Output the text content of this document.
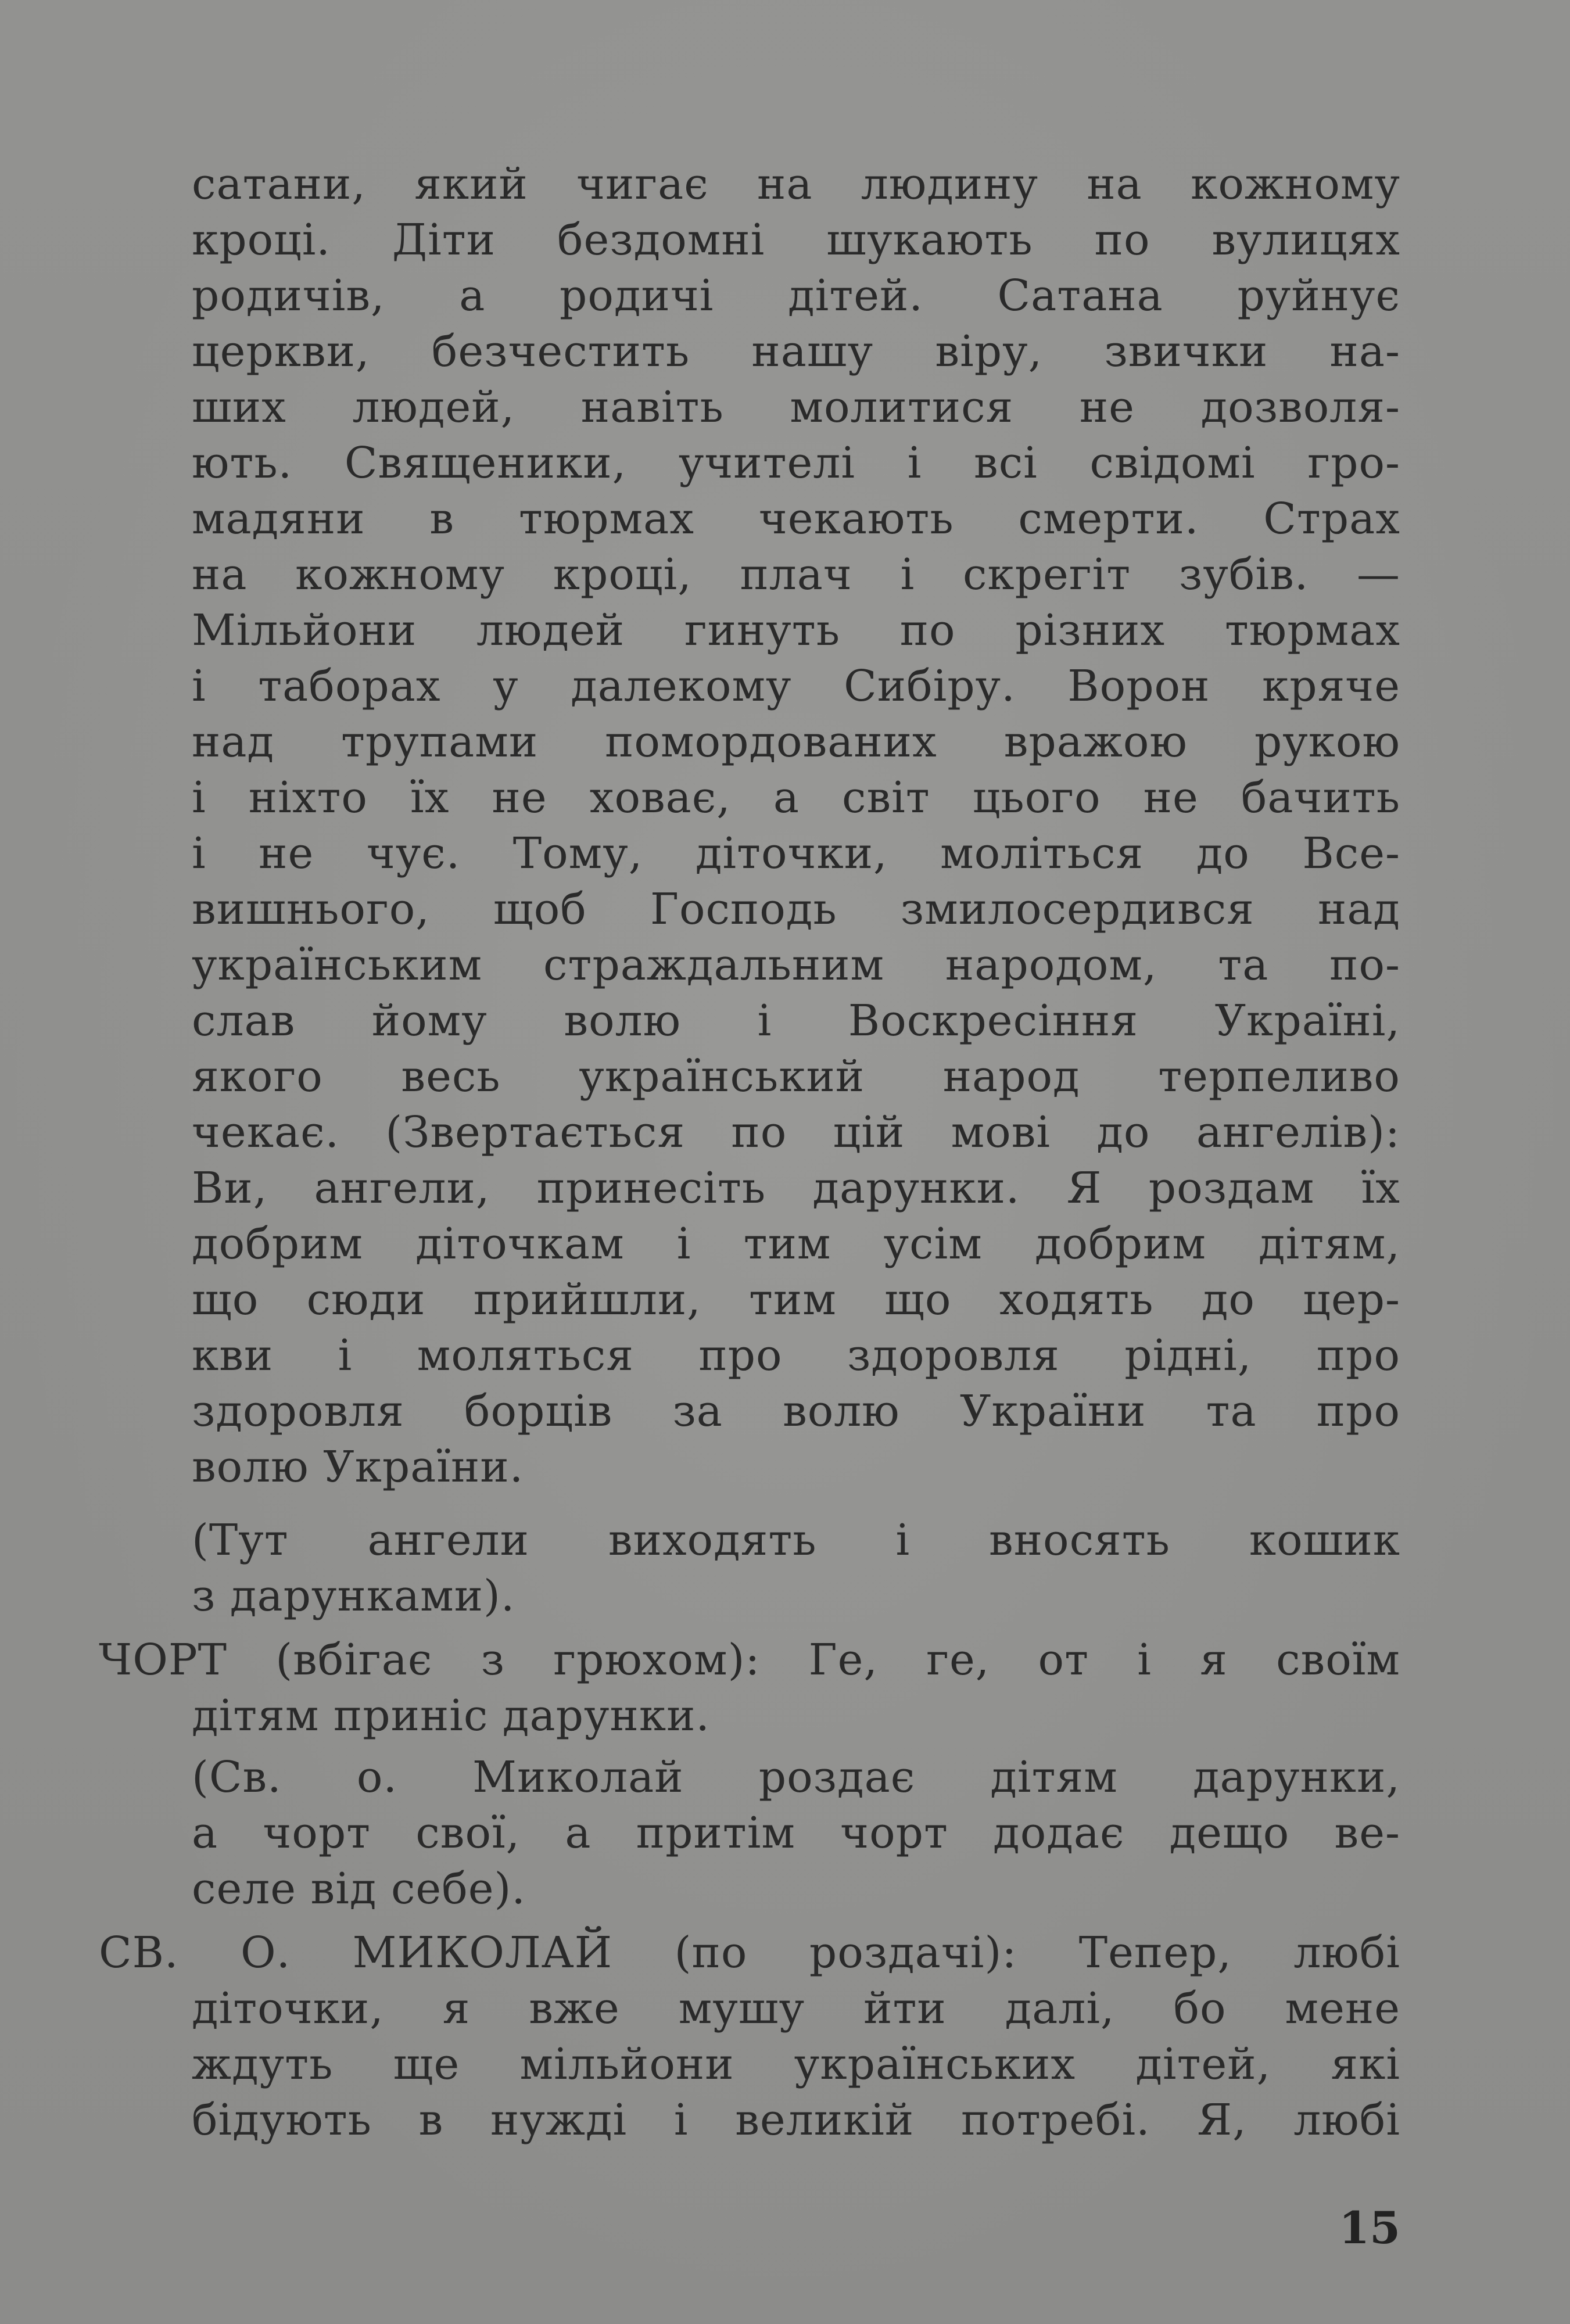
сатани, який чигає на людину на кожному
кроці. Діти бездомні шукають по вулицях
родичів, а родичі дітей. Сатана руйнує
церкви, безчестить нашу віру, звички на-
ших людей, навіть молитися не дозволя-
ють. Священики, учителі і всі свідомі гро-
мадяни в тюрмах чекають смерти. Страх
на кожному кроці, плач і скрегіт зубів. —
Мільйони людей гинуть по різних тюрмах
і таборах у далекому Сибіру. Ворон кряче
над трупами помордованих вражою рукою
і ніхто їх не ховає, а світ цього не бачить
і не чує. Тому, діточки, моліться до Все-
вишнього, щоб Господь змилосердився над
українським страждальним народом, та по-
слав йому волю і Воскресіння Україні,
якого весь український народ терпеливо
чекає. (Звертається по цій мові до ангелів):
Ви, ангели, принесіть дарунки. Я роздам їх
добрим діточкам і тим усім добрим дітям,
що сюди прийшли, тим що ходять до цер-
кви і моляться про здоровля рідні, про
здоровля борців за волю України та про
волю України.
(Тут ангели виходять і вносять кошик
з дарунками).
ЧОРТ (вбігає з грюхом): Ге, ге, от і я своїм
дітям приніс дарунки.
(Св. о. Миколай роздає дітям дарунки,
а чорт свої, а притім чорт додає дещо ве-
селе від себе).
СВ. О. МИКОЛАЙ (по роздачі): Тепер, любі
діточки, я вже мушу йти далі, бо мене
ждуть ще мільйони українських дітей, які
бідують в нужді і великій потребі. Я, любі
15
